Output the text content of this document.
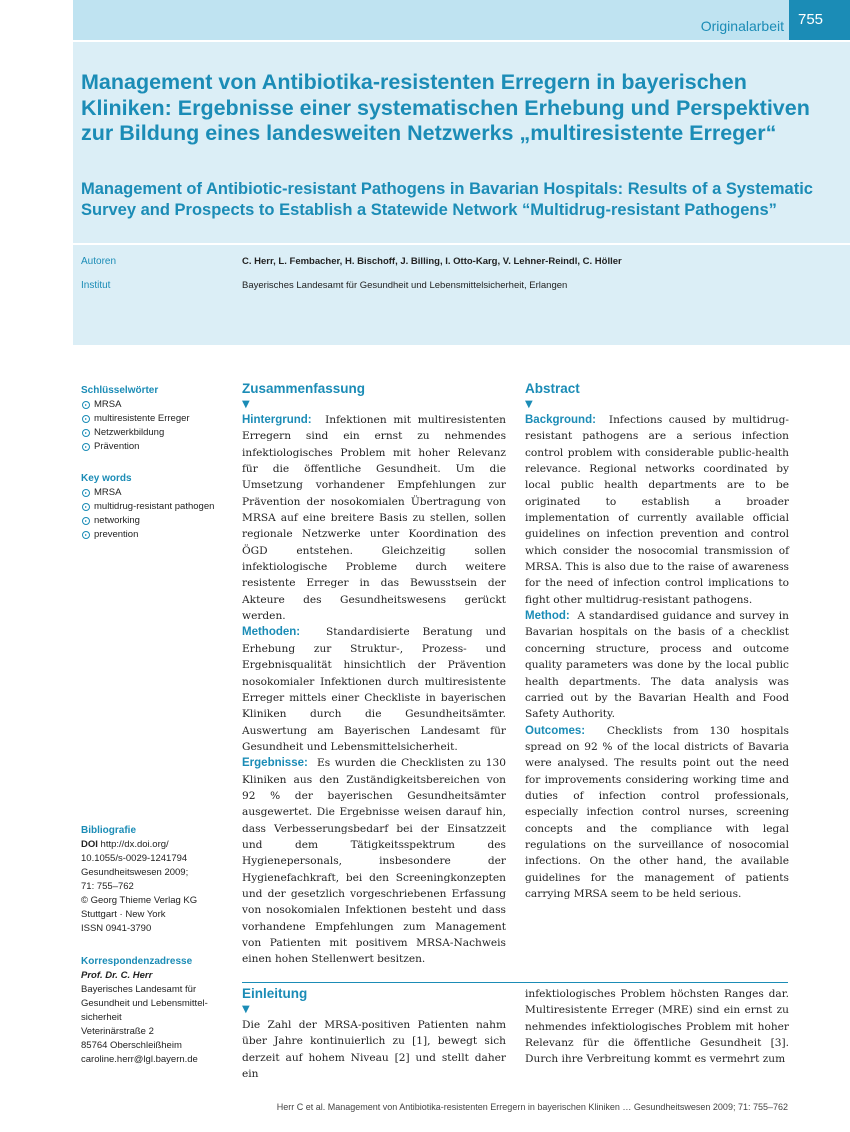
Originalarbeit 755
Management von Antibiotika-resistenten Erregern in bayerischen Kliniken: Ergebnisse einer systematischen Erhebung und Perspektiven zur Bildung eines landesweiten Netzwerks „multiresistente Erreger“
Management of Antibiotic-resistant Pathogens in Bavarian Hospitals: Results of a Systematic Survey and Prospects to Establish a Statewide Network “Multidrug-resistant Pathogens”
Autoren	C. Herr, L. Fembacher, H. Bischoff, J. Billing, I. Otto-Karg, V. Lehner-Reindl, C. Höller
Institut	Bayerisches Landesamt für Gesundheit und Lebensmittelsicherheit, Erlangen
Schlüsselwörter
MRSA
multiresistente Erreger
Netzwerkbildung
Prävention
Key words
MRSA
multidrug-resistant pathogen
networking
prevention
Bibliografie
DOI http://dx.doi.org/
10.1055/s-0029-1241794
Gesundheitswesen 2009;
71: 755–762
© Georg Thieme Verlag KG
Stuttgart · New York
ISSN 0941-3790
Korrespondenzadresse
Prof. Dr. C. Herr
Bayerisches Landesamt für
Gesundheit und Lebensmittel-
sicherheit
Veterinärstraße 2
85764 Oberschleißheim
caroline.herr@lgl.bayern.de
Zusammenfassung
▼
Hintergrund: Infektionen mit multiresistenten Erregern sind ein ernst zu nehmendes infektiologisches Problem mit hoher Relevanz für die öffentliche Gesundheit. Um die Umsetzung vorhandener Empfehlungen zur Prävention der nosokomialen Übertragung von MRSA auf eine breitere Basis zu stellen, sollen regionale Netzwerke unter Koordination des ÖGD entstehen. Gleichzeitig sollen infektiologische Probleme durch weitere resistente Erreger in das Bewusstsein der Akteure des Gesundheitswesens gerückt werden.
Methoden: Standardisierte Beratung und Erhebung zur Struktur-, Prozess- und Ergebnisqualität hinsichtlich der Prävention nosokomialer Infektionen durch multiresistente Erreger mittels einer Checkliste in bayerischen Kliniken durch die Gesundheitsämter. Auswertung am Bayerischen Landesamt für Gesundheit und Lebensmittelsicherheit.
Ergebnisse: Es wurden die Checklisten zu 130 Kliniken aus den Zuständigkeitsbereichen von 92 % der bayerischen Gesundheitsämter ausgewertet. Die Ergebnisse weisen darauf hin, dass Verbesserungsbedarf bei der Einsatzzeit und dem Tätigkeitsspektrum des Hygienepersonals, insbesondere der Hygienefachkraft, bei den Screeningkonzepten und der gesetzlich vorgeschriebenen Erfassung von nosokomialen Infektionen besteht und dass vorhandene Empfehlungen zum Management von Patienten mit positivem MRSA-Nachweis einen hohen Stellenwert besitzen.
Abstract
▼
Background: Infections caused by multidrug-resistant pathogens are a serious infection control problem with considerable public-health relevance. Regional networks coordinated by local public health departments are to be originated to establish a broader implementation of currently available official guidelines on infection prevention and control which consider the nosocomial transmission of MRSA. This is also due to the raise of awareness for the need of infection control implications to fight other multidrug-resistant pathogens.
Method: A standardised guidance and survey in Bavarian hospitals on the basis of a checklist concerning structure, process and outcome quality parameters was done by the local public health departments. The data analysis was carried out by the Bavarian Health and Food Safety Authority.
Outcomes: Checklists from 130 hospitals spread on 92 % of the local districts of Bavaria were analysed. The results point out the need for improvements considering working time and duties of infection control professionals, especially infection control nurses, screening concepts and the compliance with legal regulations on the surveillance of nosocomial infections. On the other hand, the available guidelines for the management of patients carrying MRSA seem to be held serious.
Einleitung
▼
Die Zahl der MRSA-positiven Patienten nahm über Jahre kontinuierlich zu [1], bewegt sich derzeit auf hohem Niveau [2] und stellt daher ein
infektiologisches Problem höchsten Ranges dar. Multiresistente Erreger (MRE) sind ein ernst zu nehmendes infektiologisches Problem mit hoher Relevanz für die öffentliche Gesundheit [3]. Durch ihre Verbreitung kommt es vermehrt zum
Herr C et al. Management von Antibiotika-resistenten Erregern in bayerischen Kliniken … Gesundheitswesen 2009; 71: 755–762
